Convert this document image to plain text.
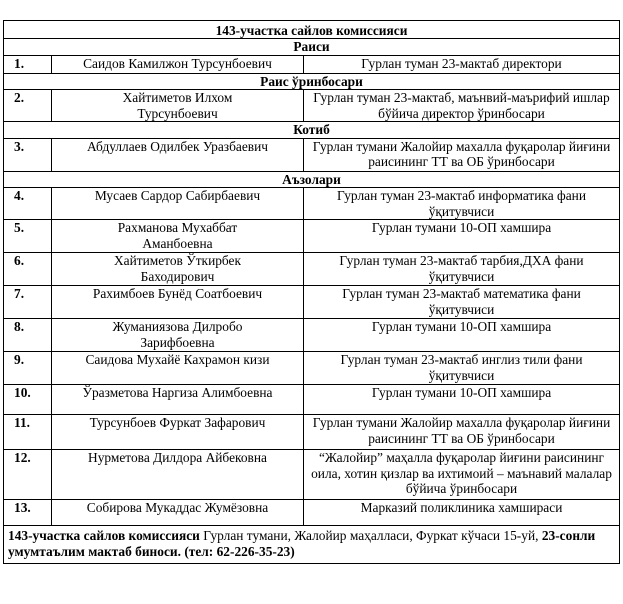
143-участка сайлов комиссияси		
Раиси		
1.	Саидов Камилжон Турсунбоевич	Гурлан туман 23-мактаб директори
Раис ўринбосари		
2.	Хайтиметов Илхом Турсунбоевич	Гурлан туман 23-мактаб, маънвий-маърифий ишлар бўйича директор ўринбосари
Котиб		
3.	Абдуллаев Одилбек Уразбаевич	Гурлан тумани Жалойир махалла фуқаролар йиғини раисининг ТТ ва ОБ ўринбосари
Аъзолари		
4.	Мусаев Сардор Сабирбаевич	Гурлан туман 23-мактаб информатика фани ўқитувчиси
5.	Рахманова Мухаббат Аманбоевна	Гурлан тумани 10-ОП хамшира
6.	Хайтиметов Ўткирбек Баходирович	Гурлан туман 23-мактаб тарбия,ДХА фани ўқитувчиси
7.	Рахимбоев Бунёд Соатбоевич	Гурлан туман 23-мактаб математика фани ўқитувчиси
8.	Жуманиязова Дилробо Зарифбоевна	Гурлан тумани 10-ОП хамшира
9.	Саидова Мухайё Кахрамон кизи	Гурлан туман 23-мактаб инглиз тили фани ўқитувчиси
10.	Ўразметова Наргиза Алимбоевна	Гурлан тумани 10-ОП хамшира
11.	Турсунбоев Фуркат Зафарович	Гурлан тумани Жалойир махалла фуқаролар йиғини раисининг ТТ ва ОБ ўринбосари
12.	Нурметова Дилдора Айбековна	“Жалойир” маҳалла фуқаролар йиғини раисининг оила, хотин қизлар ва ихтимоий – маънавий малалар бўйича ўринбосари
13.	Собирова Мукаддас Жумёзовна	Марказий поликлиника хамшираси
143-участка сайлов комиссияси Гурлан тумани, Жалойир маҳалласи, Фуркат кўчаси 15-уй, 23-сонли умумтаълим мактаб биноси. (тел: 62-226-35-23)		
